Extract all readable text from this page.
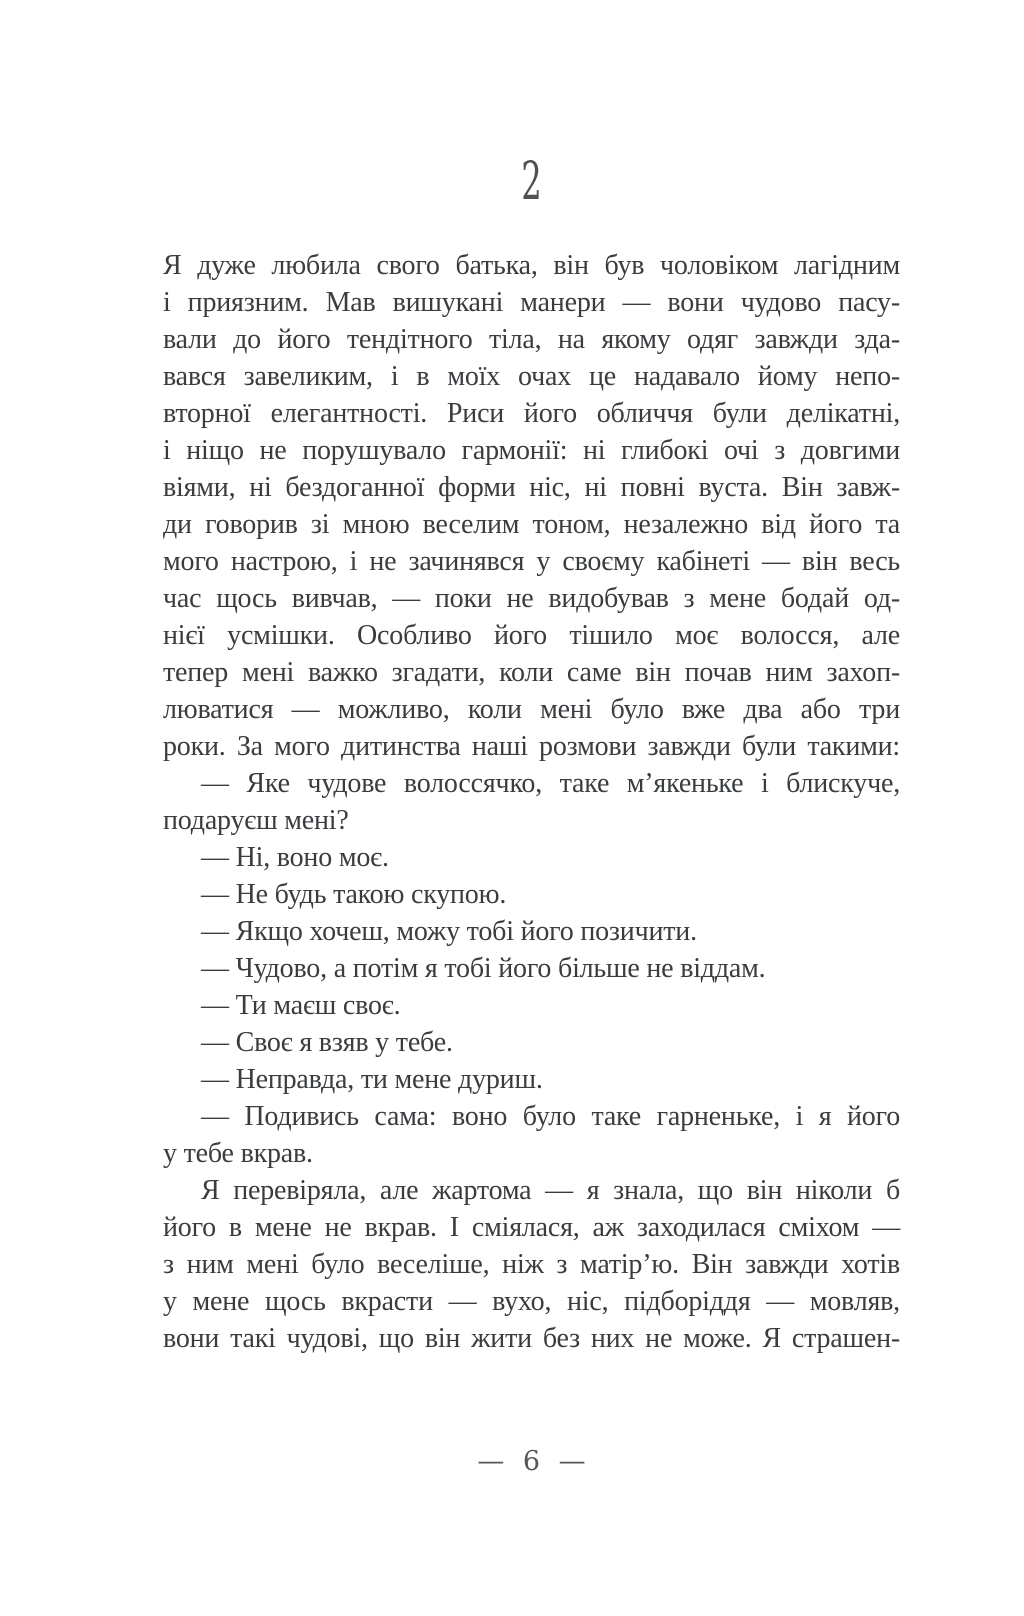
2
Я дуже любила свого батька, він був чоловіком лагідним
і приязним. Мав вишукані манери — вони чудово пасу-
вали до його тендітного тіла, на якому одяг завжди зда-
вався завеликим, і в моїх очах це надавало йому непо-
вторної елегантності. Риси його обличчя були делікатні,
і ніщо не порушувало гармонії: ні глибокі очі з довгими
віями, ні бездоганної форми ніс, ні повні вуста. Він завж-
ди говорив зі мною веселим тоном, незалежно від його та
мого настрою, і не зачинявся у своєму кабінеті — він весь
час щось вивчав, — поки не видобував з мене бодай од-
нієї усмішки. Особливо його тішило моє волосся, але
тепер мені важко згадати, коли саме він почав ним захоп-
люватися — можливо, коли мені було вже два або три
роки. За мого дитинства наші розмови завжди були такими:
— Яке чудове волоссячко, таке м’якеньке і блискуче,
подаруєш мені?
— Ні, воно моє.
— Не будь такою скупою.
— Якщо хочеш, можу тобі його позичити.
— Чудово, а потім я тобі його більше не віддам.
— Ти маєш своє.
— Своє я взяв у тебе.
— Неправда, ти мене дуриш.
— Подивись сама: воно було таке гарненьке, і я його
у тебе вкрав.
Я перевіряла, але жартома — я знала, що він ніколи б
його в мене не вкрав. І сміялася, аж заходилася сміхом —
з ним мені було веселіше, ніж з матір’ю. Він завжди хотів
у мене щось вкрасти — вухо, ніс, підборіддя — мовляв,
вони такі чудові, що він жити без них не може. Я страшен-
— 6 —
